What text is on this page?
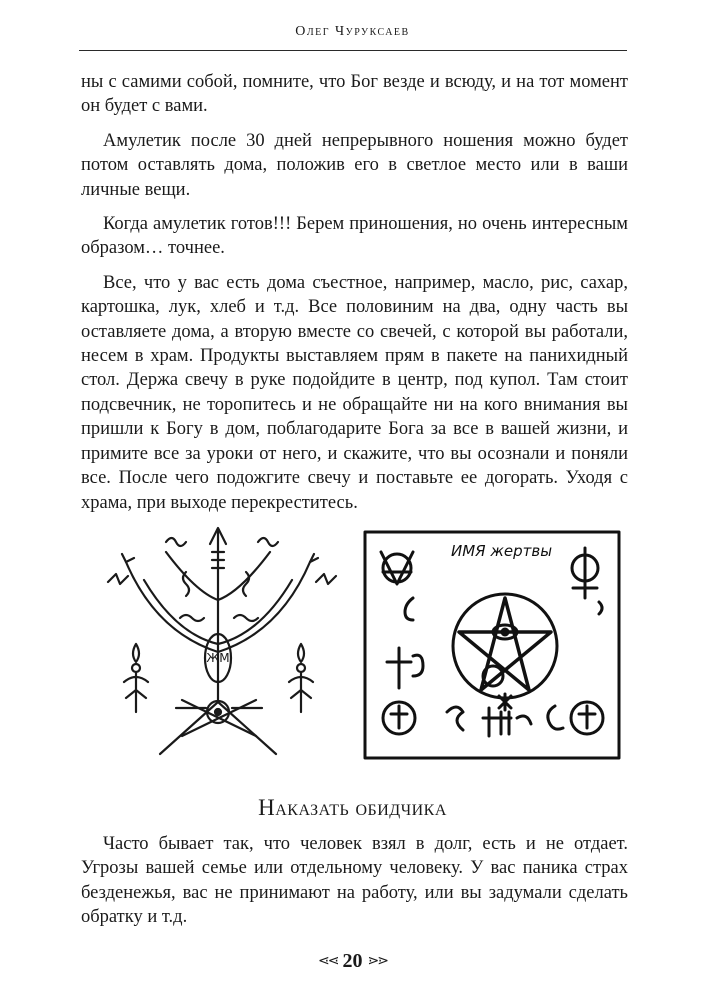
Олег Чуруксаев

ны с самими собой, помните, что Бог везде и всюду, и на тот момент он будет с вами.

Амулетик после 30 дней непрерывного ношения можно будет потом оставлять дома, положив его в светлое место или в ваши личные вещи.

Когда амулетик готов!!! Берем приношения, но очень интересным образом… точнее.

Все, что у вас есть дома съестное, например, масло, рис, сахар, картошка, лук, хлеб и т.д. Все половиним на два, одну часть вы оставляете дома, а вторую вместе со свечей, с которой вы работали, несем в храм. Продукты выставляем прям в пакете на панихидный стол. Держа свечу в руке подойдите в центр, под купол. Там стоит подсвечник, не торопитесь и не обращайте ни на кого внимания вы пришли к Богу в дом, поблагодарите Бога за все в вашей жизни, и примите все за уроки от него, и скажите, что вы осознали и поняли все. После чего подожгите свечу и поставьте ее догорать. Уходя с храма, при выходе перекреститесь.

ЖМ
ИМЯ жертвы
Наказать обидчика

Часто бывает так, что человек взял в долг, есть и не отдает. Угрозы вашей семье или отдельному человеку. У вас паника страх безденежья, вас не принимают на работу, или вы задумали сделать обратку и т.д.

⋖⋖ 20 ⋗⋗
